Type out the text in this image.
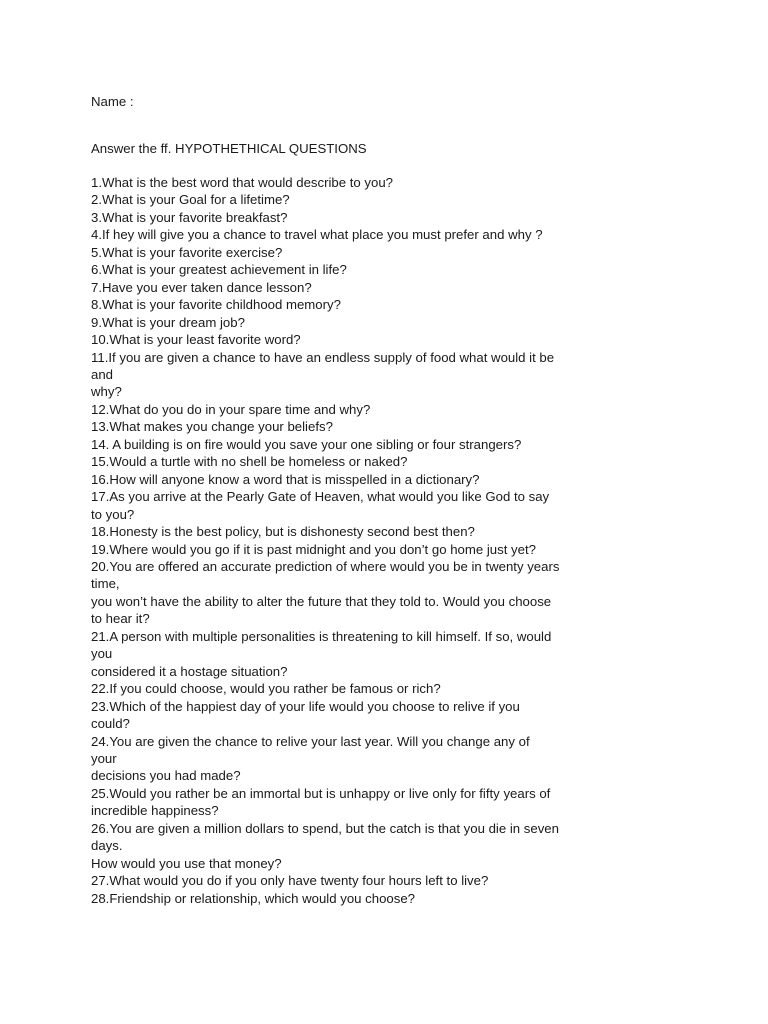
Name :
Answer the ff. HYPOTHETHICAL QUESTIONS
1.What is the best word that would describe to you?
2.What is your Goal for a lifetime?
3.What is your favorite breakfast?
4.If hey will give you a chance to travel what place you must prefer and why ?
5.What is your favorite exercise?
6.What is your greatest achievement in life?
7.Have you ever taken dance lesson?
8.What is your favorite childhood memory?
9.What is your dream job?
10.What is your least favorite word?
11.If you are given a chance to have an endless supply of food what would it be
and
why?
12.What do you do in your spare time and why?
13.What makes you change your beliefs?
14. A building is on fire would you save your one sibling or four strangers?
15.Would a turtle with no shell be homeless or naked?
16.How will anyone know a word that is misspelled in a dictionary?
17.As you arrive at the Pearly Gate of Heaven, what would you like God to say
to you?
18.Honesty is the best policy, but is dishonesty second best then?
19.Where would you go if it is past midnight and you don’t go home just yet?
20.You are offered an accurate prediction of where would you be in twenty years
time,
you won’t have the ability to alter the future that they told to. Would you choose
to hear it?
21.A person with multiple personalities is threatening to kill himself. If so, would
you
considered it a hostage situation?
22.If you could choose, would you rather be famous or rich?
23.Which of the happiest day of your life would you choose to relive if you
could?
24.You are given the chance to relive your last year. Will you change any of
your
decisions you had made?
25.Would you rather be an immortal but is unhappy or live only for fifty years of
incredible happiness?
26.You are given a million dollars to spend, but the catch is that you die in seven
days.
How would you use that money?
27.What would you do if you only have twenty four hours left to live?
28.Friendship or relationship, which would you choose?
